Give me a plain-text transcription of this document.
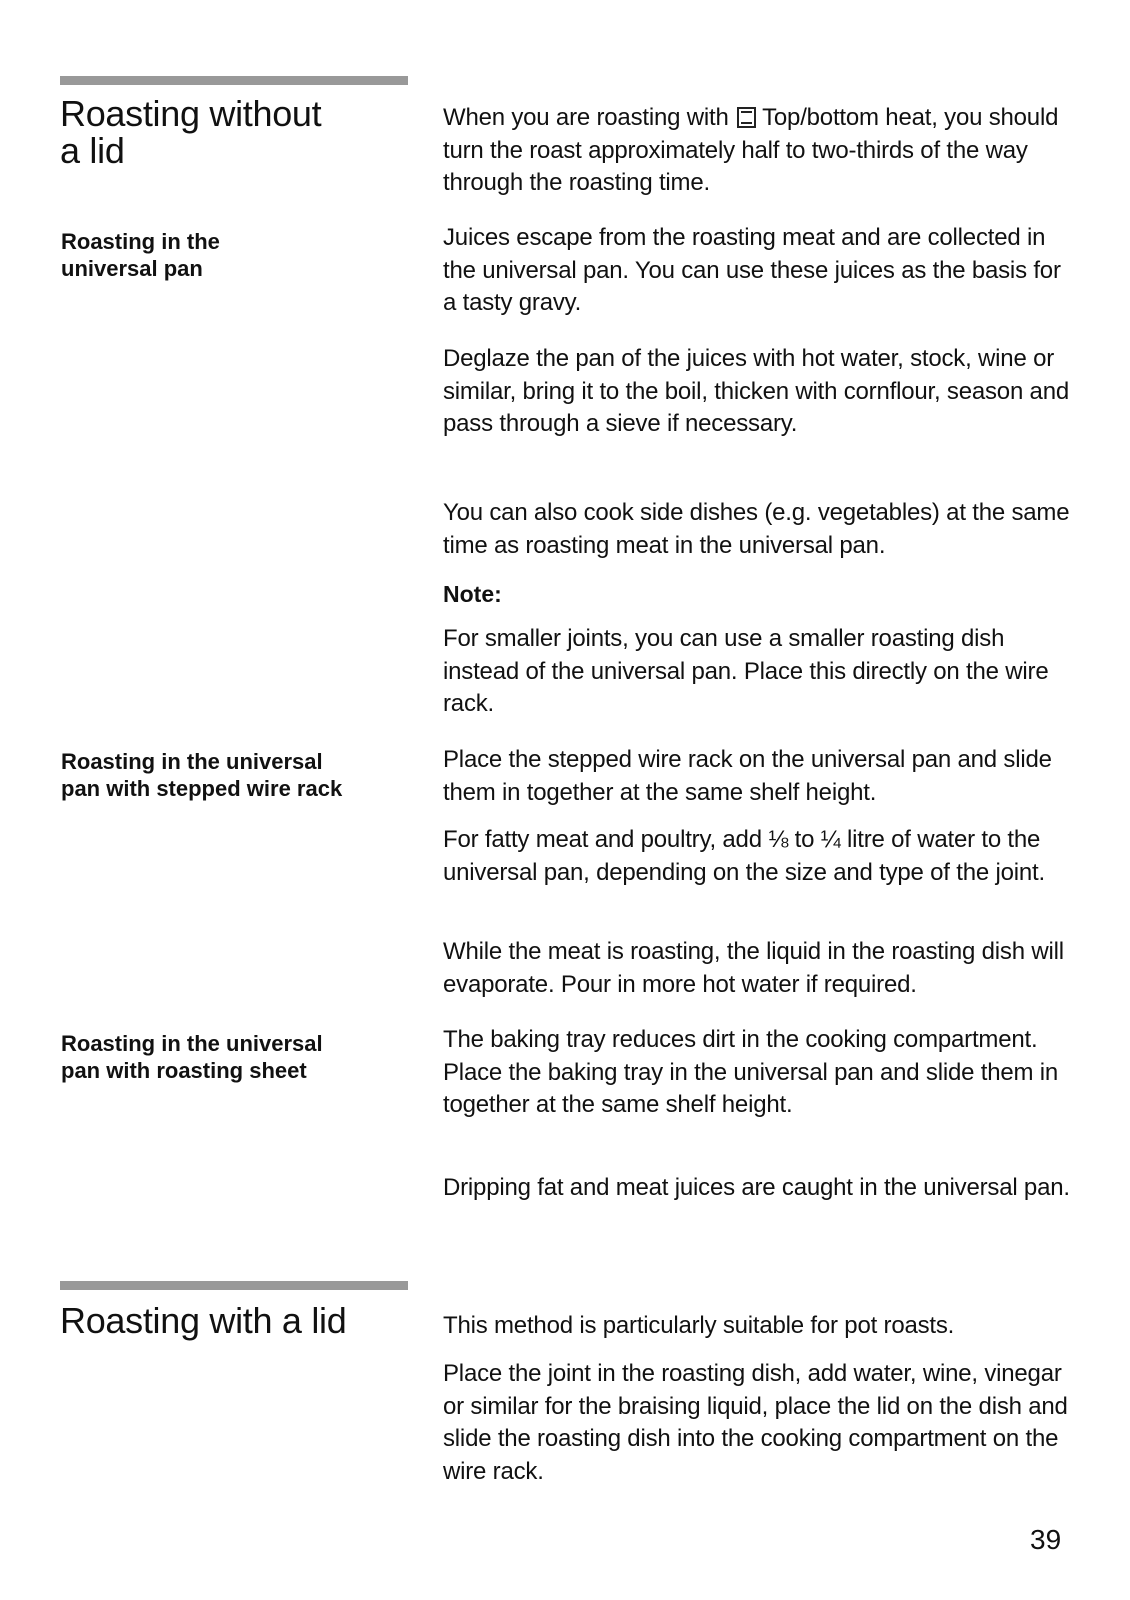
Roasting without
a lid

When you are roasting with Top/bottom heat, you should turn the roast approximately half to two-thirds of the way through the roasting time.

Roasting in the
universal pan

Juices escape from the roasting meat and are collected in the universal pan. You can use these juices as the basis for a tasty gravy.

Deglaze the pan of the juices with hot water, stock, wine or similar, bring it to the boil, thicken with cornflour, season and pass through a sieve if necessary.

You can also cook side dishes (e.g. vegetables) at the same time as roasting meat in the universal pan.

Note:

For smaller joints, you can use a smaller roasting dish instead of the universal pan. Place this directly on the wire rack.

Roasting in the universal
pan with stepped wire rack

Place the stepped wire rack on the universal pan and slide them in together at the same shelf height.

For fatty meat and poultry, add ⅛ to ¼ litre of water to the universal pan, depending on the size and type of the joint.

While the meat is roasting, the liquid in the roasting dish will evaporate. Pour in more hot water if required.

Roasting in the universal
pan with roasting sheet

The baking tray reduces dirt in the cooking compartment. Place the baking tray in the universal pan and slide them in together at the same shelf height.

Dripping fat and meat juices are caught in the universal pan.

Roasting with a lid	This method is particularly suitable for pot roasts.

Place the joint in the roasting dish, add water, wine, vinegar or similar for the braising liquid, place the lid on the dish and slide the roasting dish into the cooking compartment on the wire rack.

39
